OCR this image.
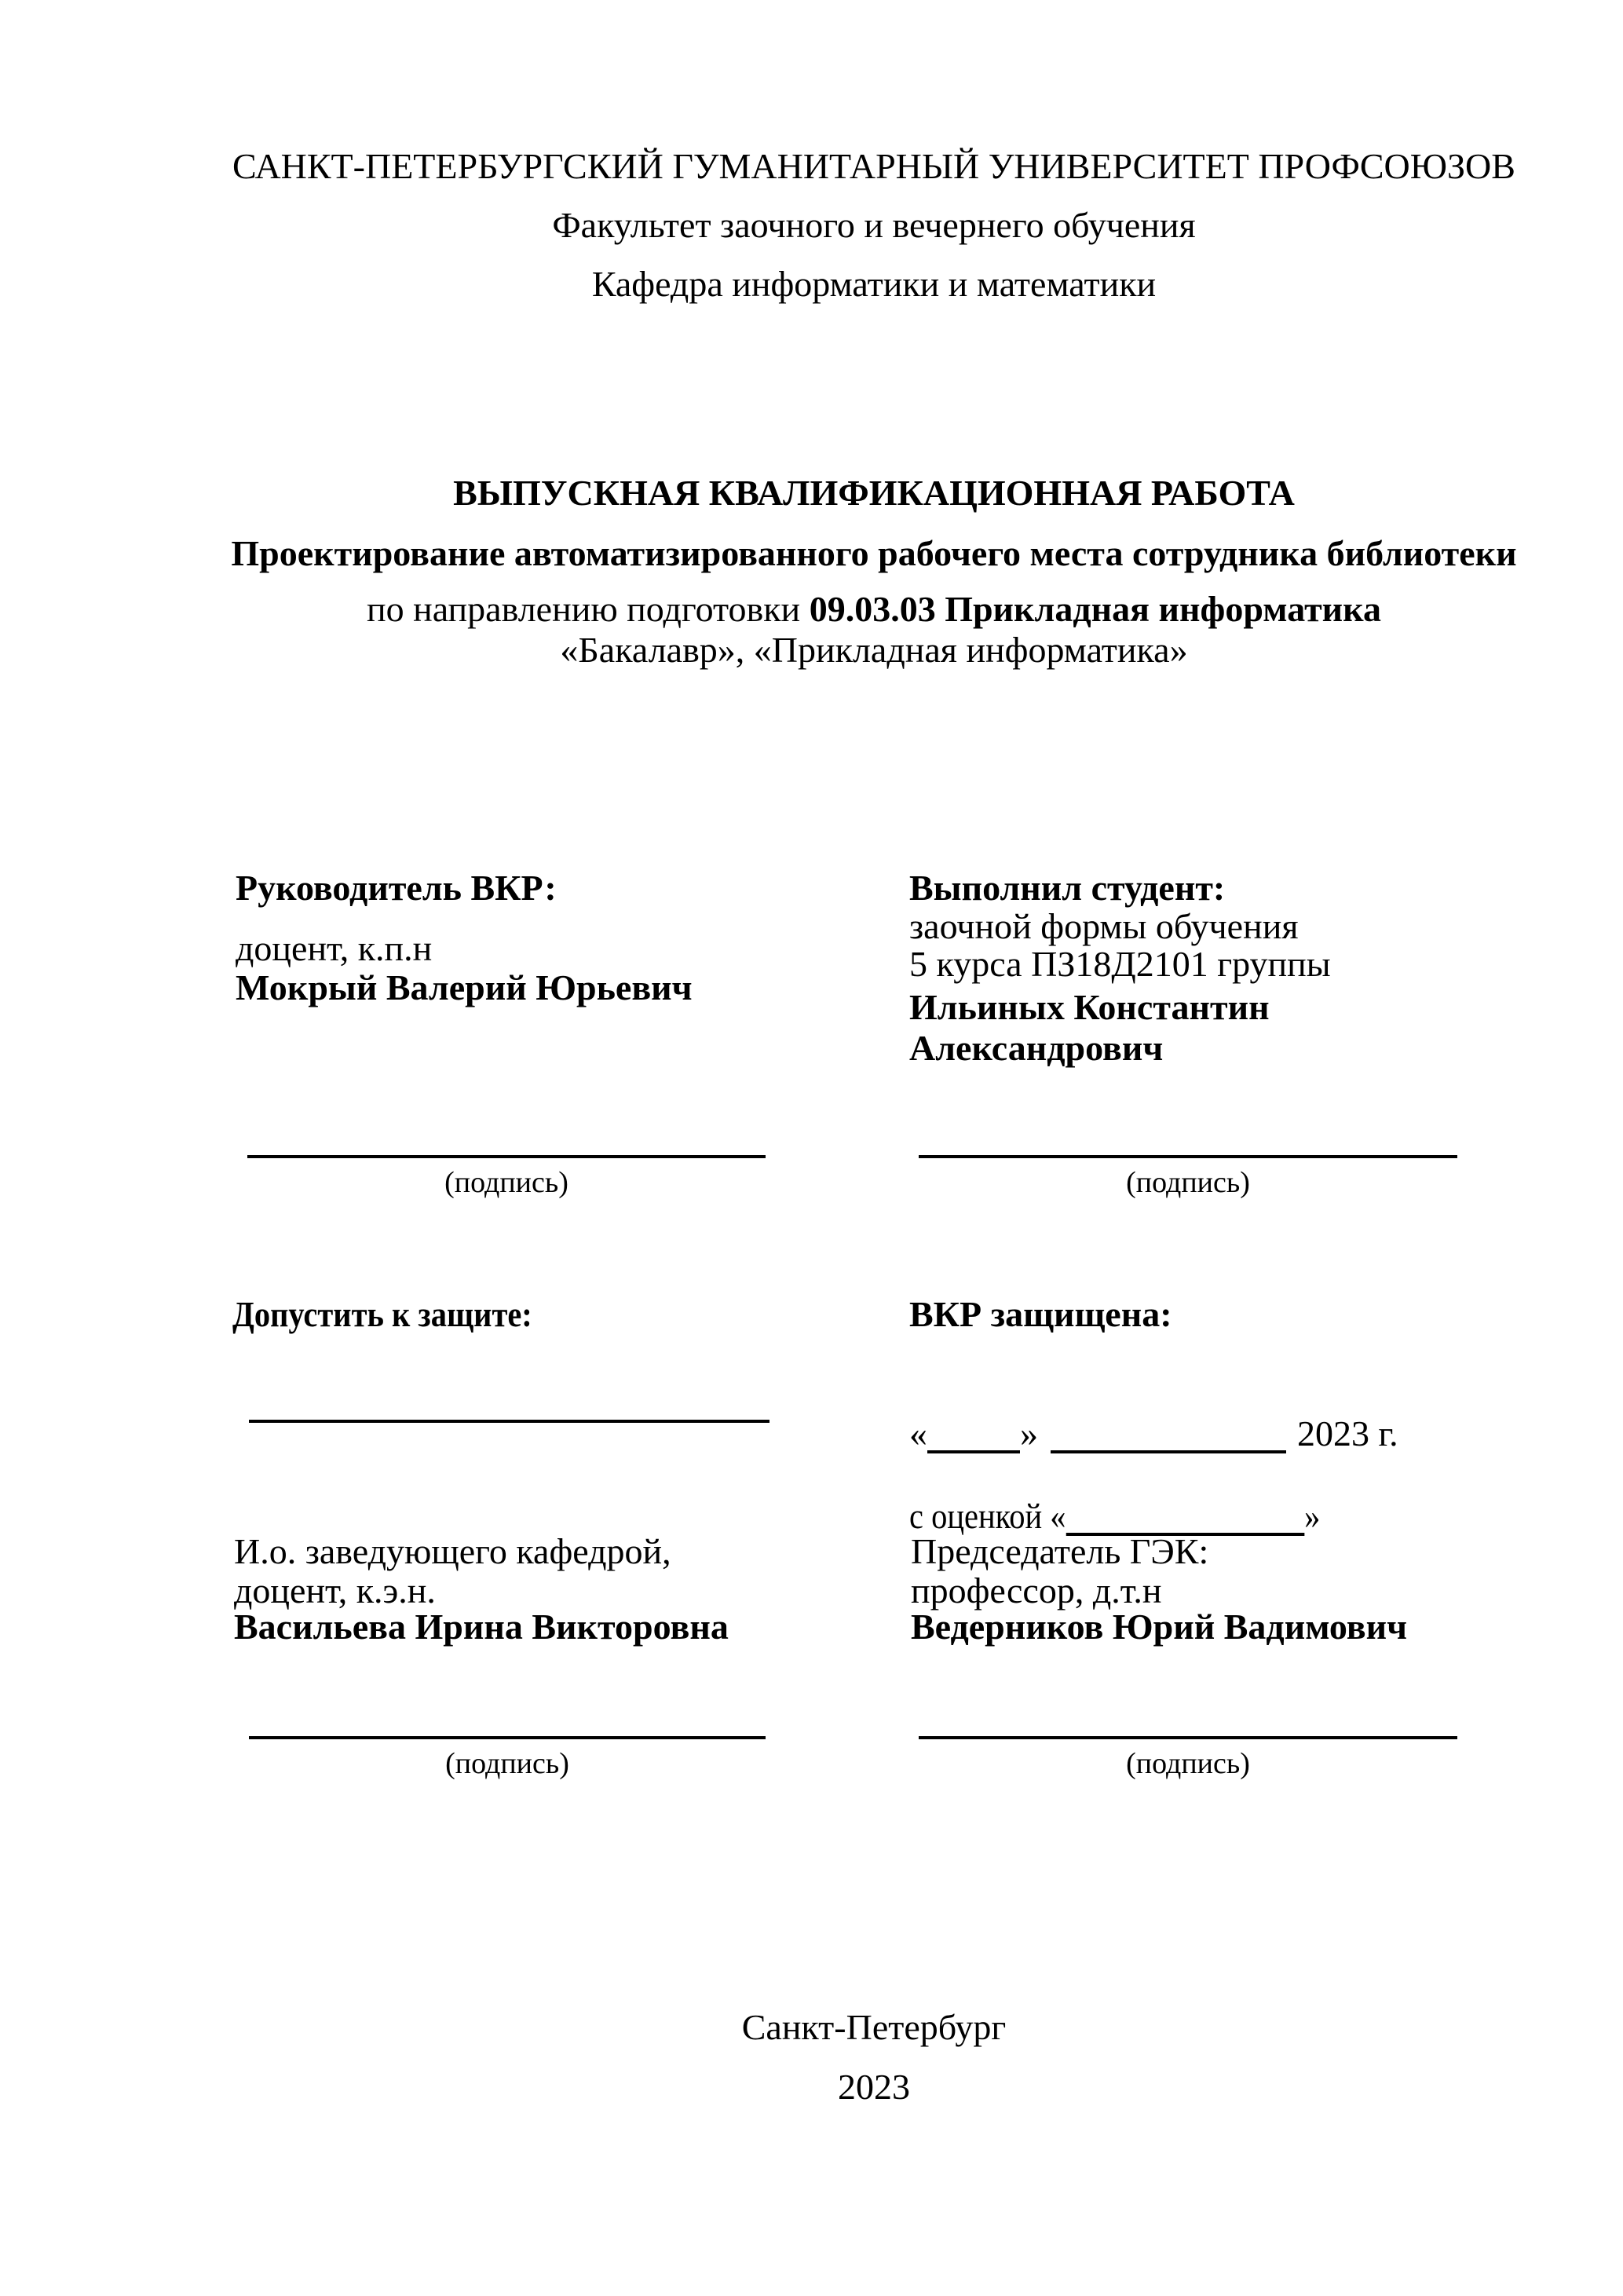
САНКТ-ПЕТЕРБУРГСКИЙ ГУМАНИТАРНЫЙ УНИВЕРСИТЕТ ПРОФСОЮЗОВ
Факультет заочного и вечернего обучения
Кафедра информатики и математики
ВЫПУСКНАЯ КВАЛИФИКАЦИОННАЯ РАБОТА
Проектирование автоматизированного рабочего места сотрудника библиотеки
по направлению подготовки 09.03.03 Прикладная информатика
«Бакалавр», «Прикладная информатика»
Руководитель ВКР:
доцент, к.п.н
Мокрый Валерий Юрьевич
Выполнил студент:
заочной формы обучения
5 курса ПЗ18Д2101 группы
Ильиных Константин
Александрович
(подпись)	(подпись)
Допустить к защите:	ВКР защищена:
«	»	2023 г.
с оценкой «	»
И.о. заведующего кафедрой,
доцент, к.э.н.
Васильева Ирина Викторовна
Председатель ГЭК:
профессор, д.т.н
Ведерников Юрий Вадимович
(подпись)	(подпись)
Санкт-Петербург
2023
